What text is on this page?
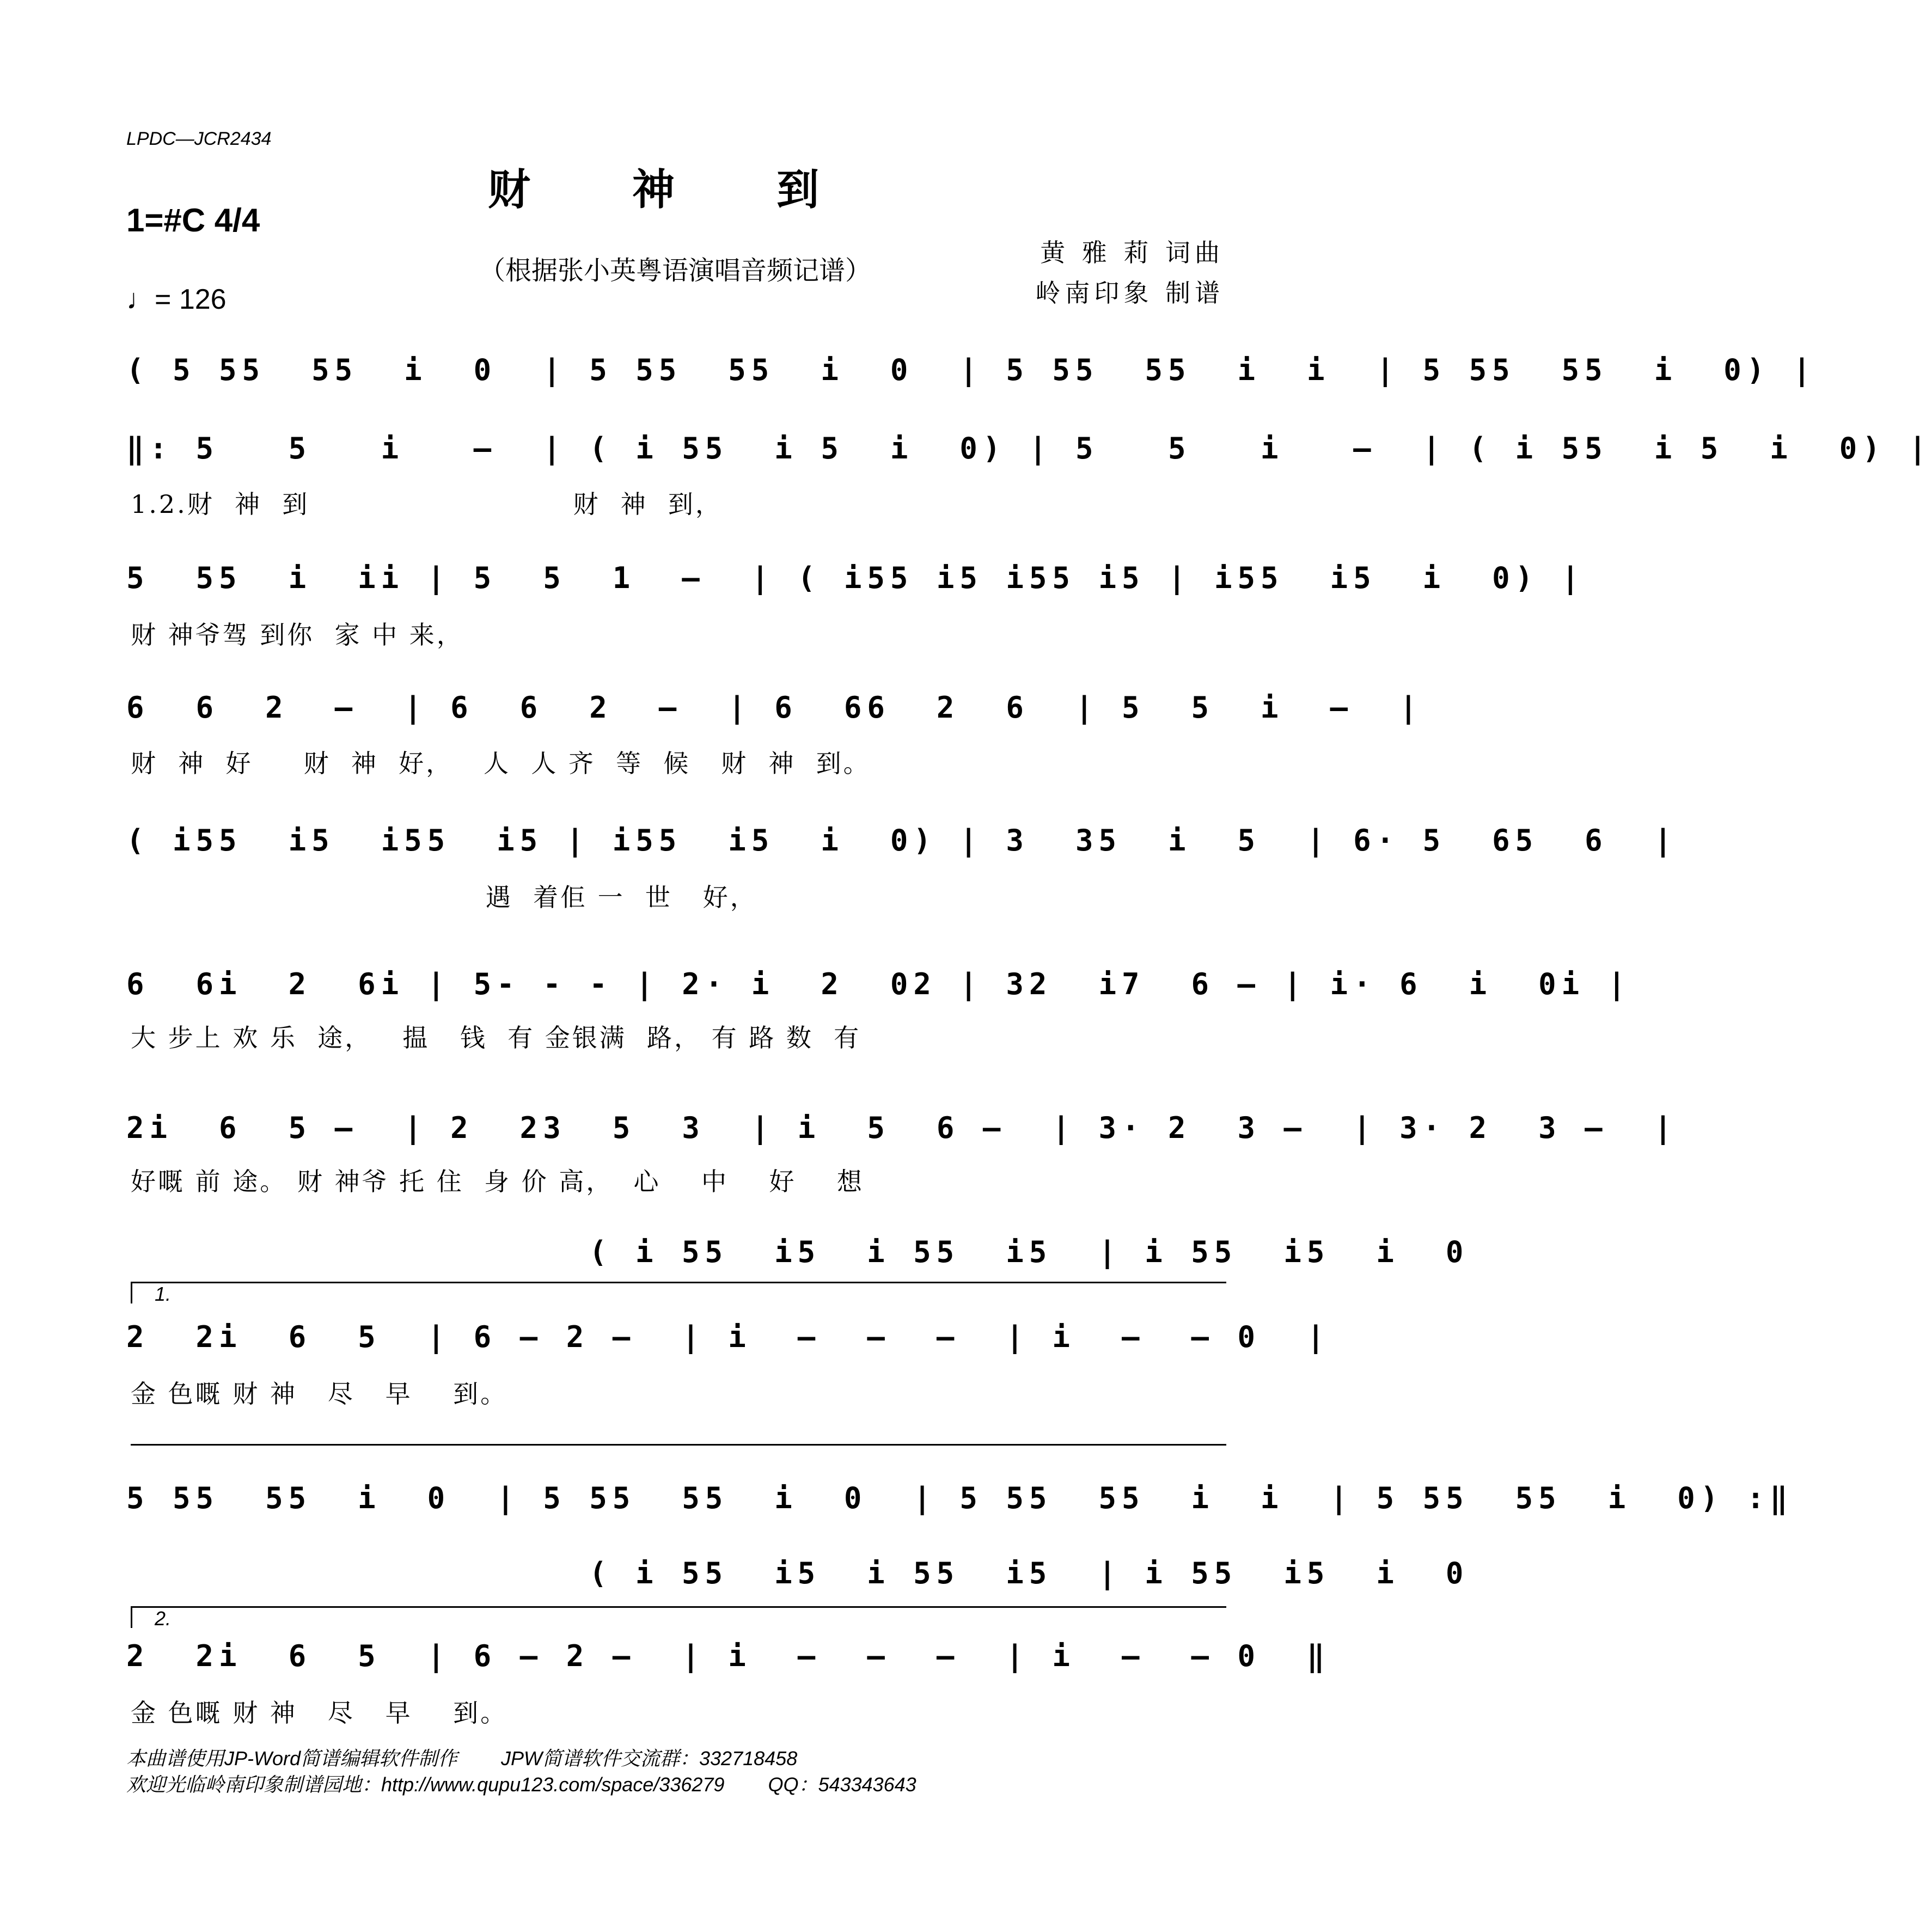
LPDC—JCR2434
财 神 到
1=#C 4/4
♩= 126
（根据张小英粤语演唱音频记谱）
黄 雅 莉 词曲
岭南印象 制谱
( 5 55  55  i  0  | 5 55  55  i  0  | 5 55  55  i  i  | 5 55  55  i  0) |
‖: 5   5   i   –  | ( i 55  i 5  i  0) | 5   5   i   –  | ( i 55  i 5  i  0) |
1.2.财  神  到                          财  神  到，
5  55  i  ii | 5  5  1  –  | ( i55 i5 i55 i5 | i55  i5  i  0) |
财 神爷驾 到你  家 中 来，
6  6  2  –  | 6  6  2  –  | 6  66  2  6  | 5  5  i  –  |
财  神  好     财  神  好，   人  人 齐  等  候   财  神  到。
( i55  i5  i55  i5 | i55  i5  i  0) | 3  35  i  5  | 6· 5  65  6  |
遇  着佢 一  世   好，
6  6i  2  6i | 5- - - | 2· i  2  02 | 32  i7  6 – | i· 6  i  0i |
大 步上 欢 乐  途，   揾   钱  有 金银满  路， 有 路 数  有
2i  6  5 –  | 2  23  5  3  | i  5  6 –  | 3· 2  3 –  | 3· 2  3 –  |
好嘅 前 途。 财 神爷 托 住  身 价 高，  心    中    好    想
( i 55  i5  i 55  i5  | i 55  i5  i  0
1.
2  2i  6  5  | 6 – 2 –  | i  –  –  –  | i  –  – 0  |
金 色嘅 财 神   尽   早    到。
5 55  55  i  0  | 5 55  55  i  0  | 5 55  55  i  i  | 5 55  55  i  0) :‖
( i 55  i5  i 55  i5  | i 55  i5  i  0
2.
2  2i  6  5  | 6 – 2 –  | i  –  –  –  | i  –  – 0  ‖
金 色嘅 财 神   尽   早    到。
本曲谱使用JP-Word简谱编辑软件制作        JPW简谱软件交流群：332718458
欢迎光临岭南印象制谱园地：http://www.qupu123.com/space/336279        QQ：543343643
